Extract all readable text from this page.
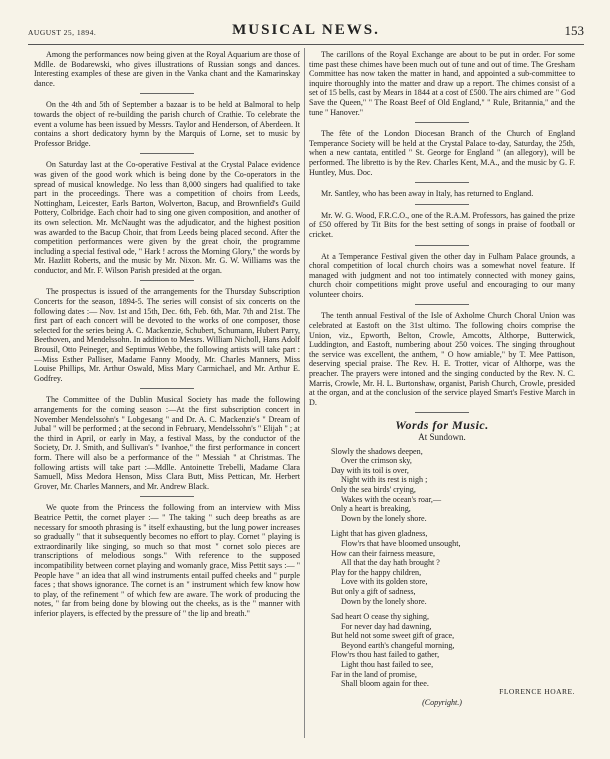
AUGUST 25, 1894.	MUSICAL NEWS.	153

Among the performances now being given at the Royal Aquarium are those of Mdlle. de Bodarewski, who gives illustrations of Russian songs and dances. Interesting examples of these are given in the Vanka chant and the Kamarinskay dance.

On the 4th and 5th of September a bazaar is to be held at Balmoral to help towards the object of re-building the parish church of Crathie. To celebrate the event a volume has been issued by Messrs. Taylor and Henderson, of Aberdeen. It contains a short dedicatory hymn by the Marquis of Lorne, set to music by Professor Bridge.

On Saturday last at the Co-operative Festival at the Crystal Palace evidence was given of the good work which is being done by the Co-operators in the spread of musical knowledge. No less than 8,000 singers had qualified to take part in the proceedings. There was a competition of choirs from Leeds, Nottingham, Leicester, Earls Barton, Wolverton, Bacup, and Brownfield's Guild Pottery, Colbridge. Each choir had to sing one given composition, and another of its own selection. Mr. McNaught was the adjudicator, and the highest position was awarded to the Bacup Choir, that from Leeds being placed second. After the competition performances were given by the great choir, the programme including a special festival ode, " Hark ! across the Morning Glory," the words by Mr. Hazlitt Roberts, and the music by Mr. Nixon. Mr. G. W. Williams was the conductor, and Mr. F. Wilson Parish presided at the organ.

The prospectus is issued of the arrangements for the Thursday Subscription Concerts for the season, 1894-5. The series will consist of six concerts on the following dates :— Nov. 1st and 15th, Dec. 6th, Feb. 6th, Mar. 7th and 21st. The first part of each concert will be devoted to the works of one composer, those selected for the series being A. C. Mackenzie, Schubert, Schumann, Hubert Parry, Beethoven, and Mendelssohn. In addition to Messrs. William Nicholl, Hans Adolf Brousil, Otto Peineger, and Septimus Webbe, the following artists will take part :—Miss Esther Palliser, Madame Fanny Moody, Mr. Charles Manners, Miss Louise Phillips, Mr. Arthur Oswald, Miss Mary Carmichael, and Mr. Arthur E. Godfrey.

The Committee of the Dublin Musical Society has made the following arrangements for the coming season :—At the first subscription concert in November Mendelssohn's " Lobgesang " and Dr. A. C. Mackenzie's " Dream of Jubal " will be performed ; at the second in February, Mendelssohn's " Elijah " ; at the third in April, or early in May, a festival Mass, by the conductor of the Society, Dr. J. Smith, and Sullivan's " Ivanhoe," the first performance in concert form. There will also be a performance of the " Messiah " at Christmas. The following artists will take part :—Mdlle. Antoinette Trebelli, Madame Clara Samuell, Miss Medora Henson, Miss Clara Butt, Miss Pettican, Mr. Herbert Grover, Mr. Charles Manners, and Mr. Andrew Black.

We quote from the Princess the following from an interview with Miss Beatrice Pettit, the cornet player :— " The taking " such deep breaths as are necessary for smooth phrasing is " itself exhausting, but the lung power increases so gradually " that it subsequently becomes no effort to play. Cornet " playing is extraordinarily like singing, so much so that most " cornet solo pieces are transcriptions of melodious songs." With reference to the supposed incompatibility between cornet playing and womanly grace, Miss Pettit says :— " People have " an idea that all wind instruments entail puffed cheeks and " purple faces ; that shows ignorance. The cornet is an " instrument which few know how to play, of the refinement " of which few are aware. The work of producing the notes, " far from being done by blowing out the cheeks, as is the " manner with inferior players, is effected by the pressure of " the lip and breath."

The carillons of the Royal Exchange are about to be put in order. For some time past these chimes have been much out of tune and out of time. The Gresham Committee has now taken the matter in hand, and appointed a sub-committee to inquire thoroughly into the matter and draw up a report. The chimes consist of a set of 15 bells, cast by Mears in 1844 at a cost of £500. The airs chimed are " God Save the Queen," " The Roast Beef of Old England," " Rule, Britannia," and the tune " Hanover."

The fête of the London Diocesan Branch of the Church of England Temperance Society will be held at the Crystal Palace to-day, Saturday, the 25th, when a new cantata, entitled " St. George for England " (an allegory), will be performed. The libretto is by the Rev. Charles Kent, M.A., and the music by G. F. Huntley, Mus. Doc.

Mr. Santley, who has been away in Italy, has returned to England.

Mr. W. G. Wood, F.R.C.O., one of the R.A.M. Professors, has gained the prize of £50 offered by Tit Bits for the best setting of songs in praise of football or cricket.

At a Temperance Festival given the other day in Fulham Palace grounds, a choral competition of local church choirs was a somewhat novel feature. If managed with judgment and not too intimately connected with money gains, church choir competitions might prove useful and encouraging to our many volunteer choirs.

The tenth annual Festival of the Isle of Axholme Church Choral Union was celebrated at Eastoft on the 31st ultimo. The following choirs comprise the Union, viz., Epworth, Belton, Crowle, Amcotts, Althorpe, Butterwick, Luddington, and Eastoft, numbering about 250 voices. The singing throughout the service was excellent, the anthem, " O how amiable," by T. Mee Pattison, deserving special praise. The Rev. H. E. Trotter, vicar of Althorpe, was the preacher. The prayers were intoned and the singing conducted by the Rev. N. C. Marris, Crowle, Mr. H. L. Burtonshaw, organist, Parish Church, Crowle, presided at the organ, and at the conclusion of the service played Smart's Festive March in D.

Words for Music.
At Sundown.
Slowly the shadows deepen,
Over the crimson sky,
Day with its toil is over,
Night with its rest is nigh ;
Only the sea birds' crying,
Wakes with the ocean's roar,—
Only a heart is breaking,
Down by the lonely shore.
Light that has given gladness,
Flow'rs that have bloomed unsought,
How can their fairness measure,
All that the day hath brought ?
Play for the happy children,
Love with its golden store,
But only a gift of sadness,
Down by the lonely shore.
Sad heart O cease thy sighing,
For never day had dawning,
But held not some sweet gift of grace,
Beyond earth's changeful morning,
Flow'rs thou hast failed to gather,
Light thou hast failed to see,
Far in the land of promise,
Shall bloom again for thee.
FLORENCE HOARE.
(Copyright.)
